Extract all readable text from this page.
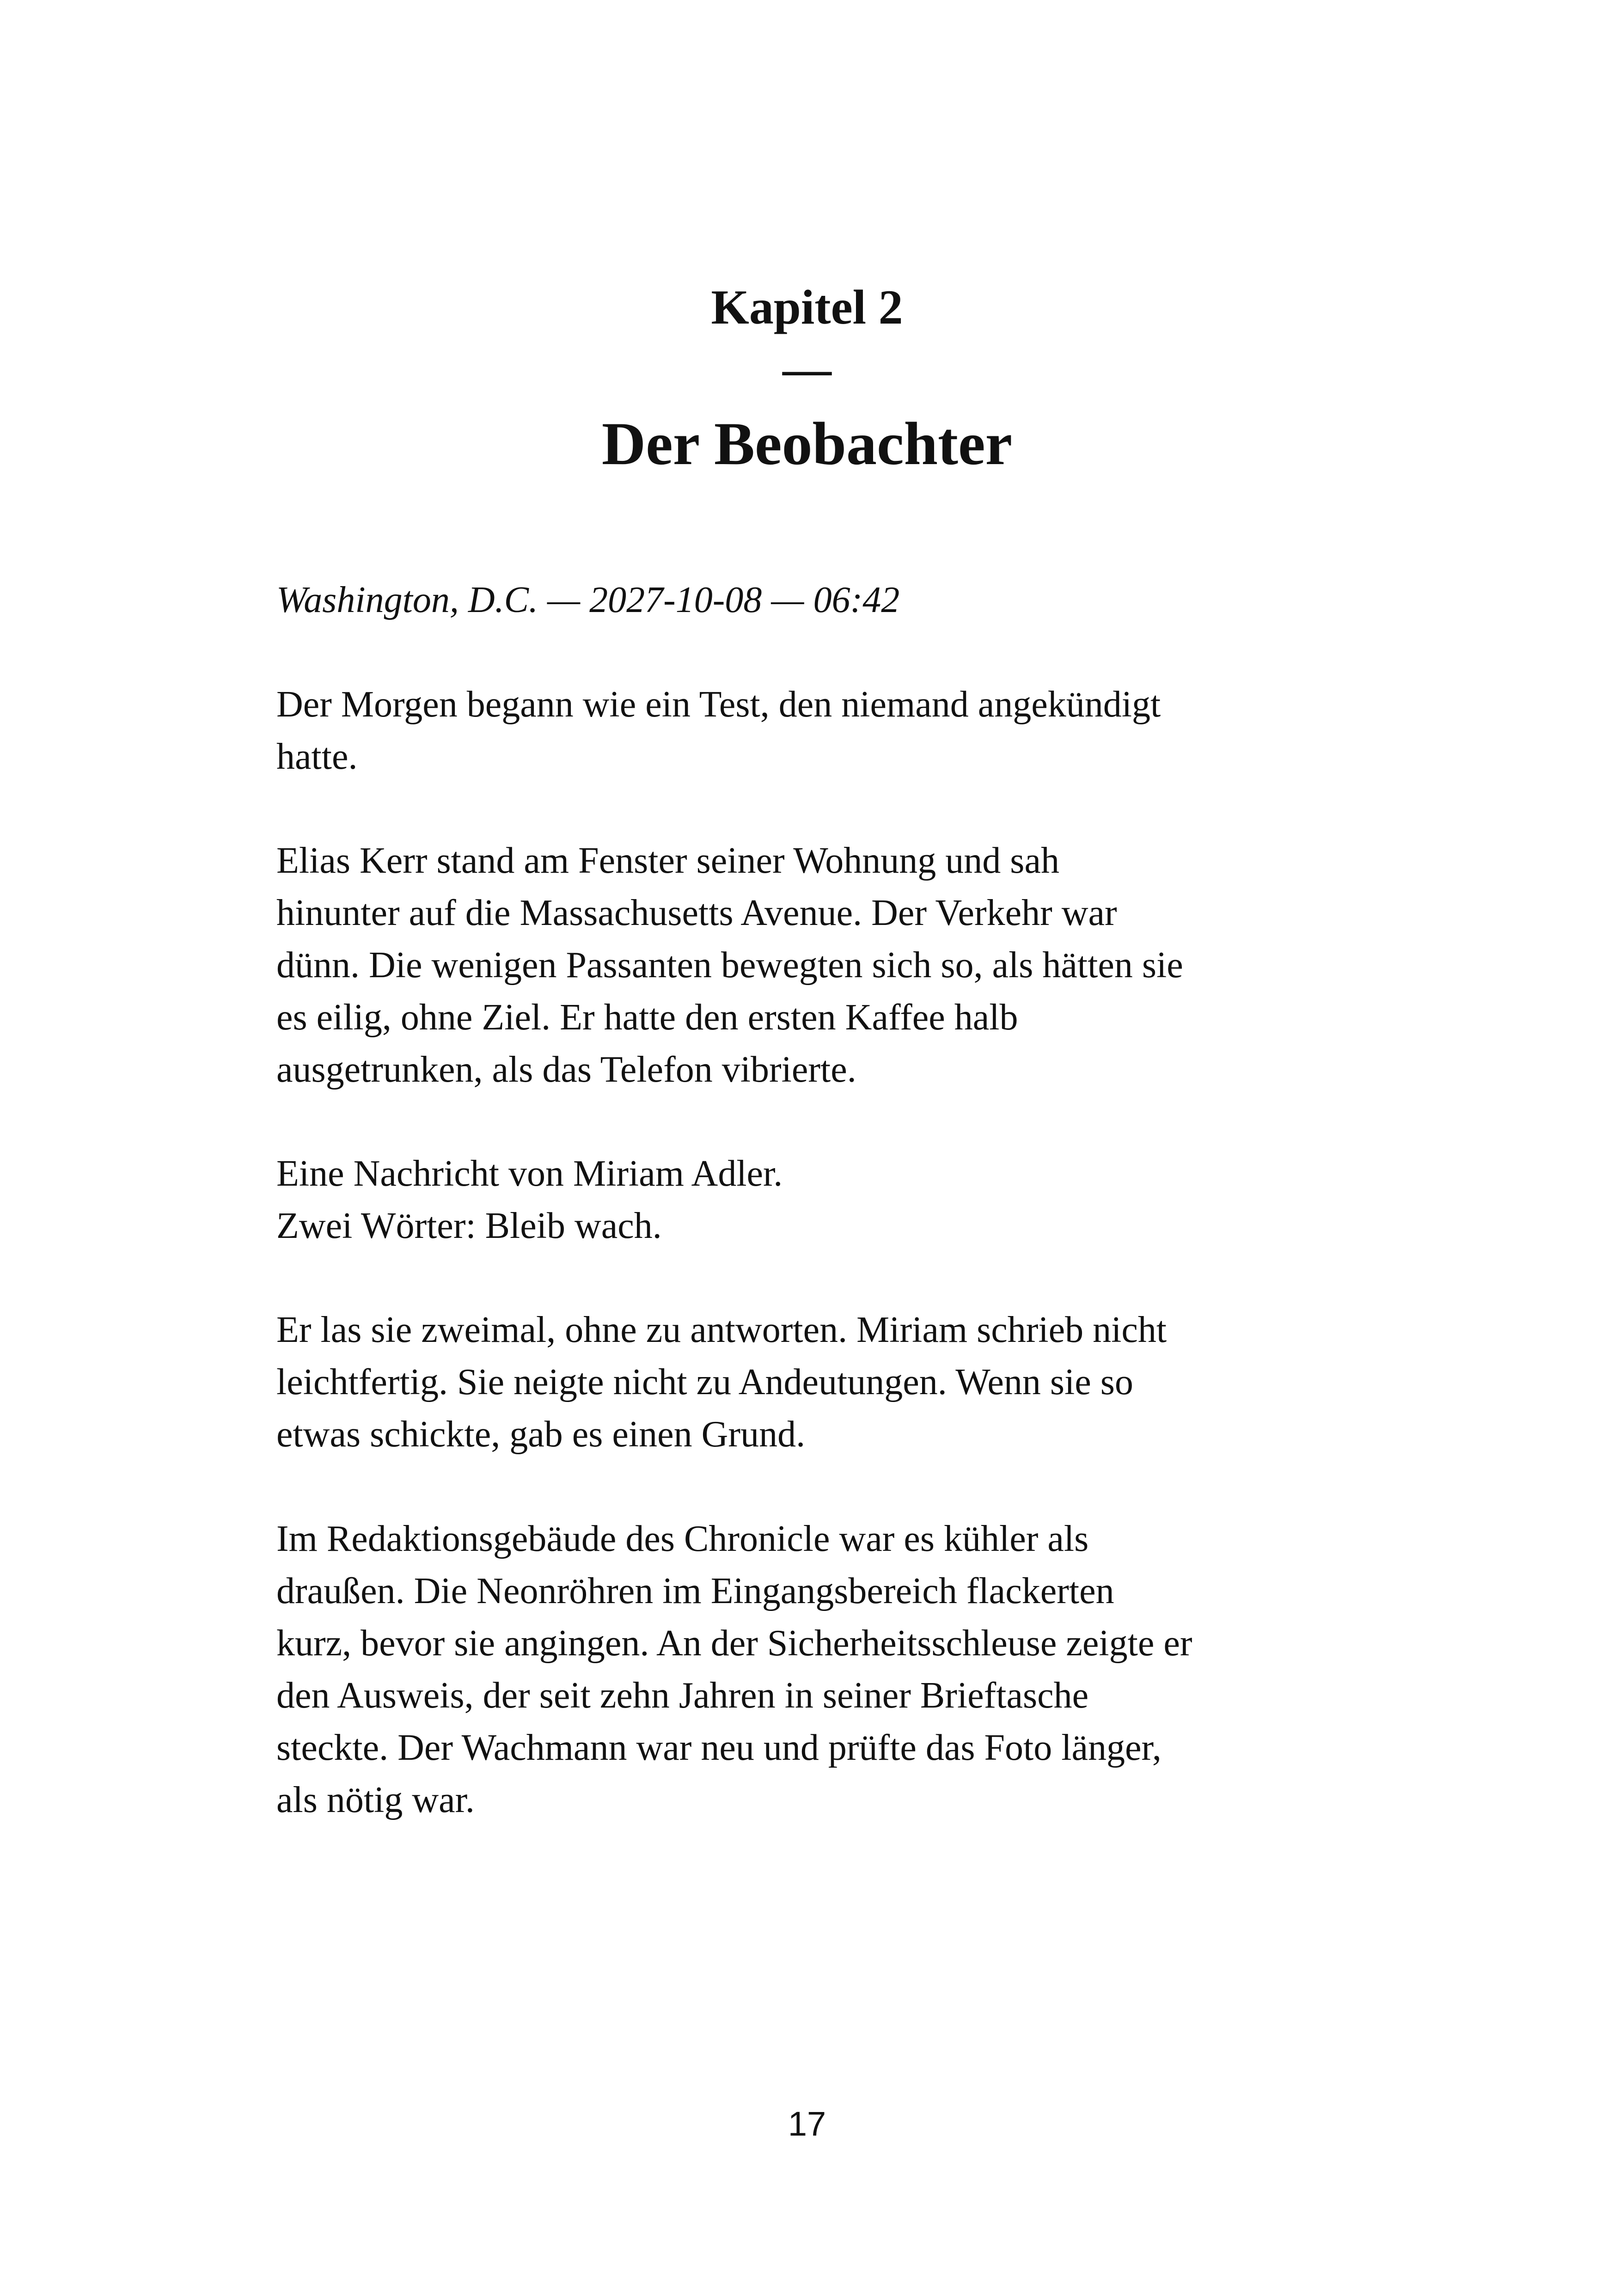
Kapitel 2
—
Der Beobachter
Washington, D.C. — 2027-10-08 — 06:42

Der Morgen begann wie ein Test, den niemand angekündigt

hatte.

Elias Kerr stand am Fenster seiner Wohnung und sah

hinunter auf die Massachusetts Avenue. Der Verkehr war

dünn. Die wenigen Passanten bewegten sich so, als hätten sie

es eilig, ohne Ziel. Er hatte den ersten Kaffee halb

ausgetrunken, als das Telefon vibrierte.

Eine Nachricht von Miriam Adler.

Zwei Wörter: Bleib wach.

Er las sie zweimal, ohne zu antworten. Miriam schrieb nicht

leichtfertig. Sie neigte nicht zu Andeutungen. Wenn sie so

etwas schickte, gab es einen Grund.

Im Redaktionsgebäude des Chronicle war es kühler als

draußen. Die Neonröhren im Eingangsbereich flackerten

kurz, bevor sie angingen. An der Sicherheitsschleuse zeigte er

den Ausweis, der seit zehn Jahren in seiner Brieftasche

steckte. Der Wachmann war neu und prüfte das Foto länger,

als nötig war.

17
